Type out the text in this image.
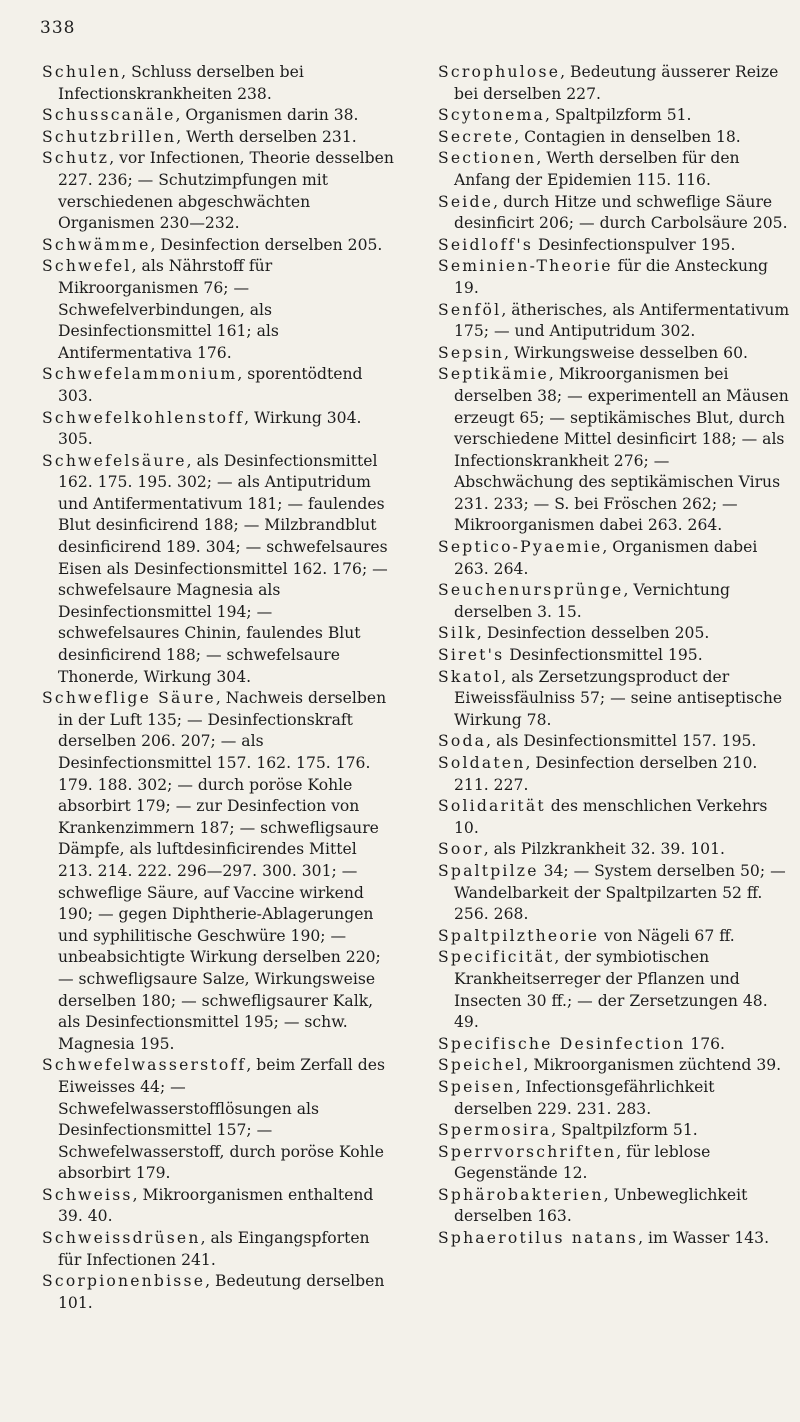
338

Schulen, Schluss derselben bei Infectionskrankheiten 238.

Schusscanäle, Organismen darin 38.

Schutzbrillen, Werth derselben 231.

Schutz, vor Infectionen, Theorie desselben 227. 236; — Schutzimpfungen mit verschiedenen abgeschwächten Organismen 230—232.

Schwämme, Desinfection derselben 205.

Schwefel, als Nährstoff für Mikroorganismen 76; — Schwefelverbindungen, als Desinfectionsmittel 161; als Antifermentativa 176.

Schwefelammonium, sporentödtend 303.

Schwefelkohlenstoff, Wirkung 304. 305.

Schwefelsäure, als Desinfectionsmittel 162. 175. 195. 302; — als Antiputridum und Antifermentativum 181; — faulendes Blut desinficirend 188; — Milzbrandblut desinficirend 189. 304; — schwefelsaures Eisen als Desinfectionsmittel 162. 176; — schwefelsaure Magnesia als Desinfectionsmittel 194; — schwefelsaures Chinin, faulendes Blut desinficirend 188; — schwefelsaure Thonerde, Wirkung 304.

Schweflige Säure, Nachweis derselben in der Luft 135; — Desinfectionskraft derselben 206. 207; — als Desinfectionsmittel 157. 162. 175. 176. 179. 188. 302; — durch poröse Kohle absorbirt 179; — zur Desinfection von Krankenzimmern 187; — schwefligsaure Dämpfe, als luftdesinficirendes Mittel 213. 214. 222. 296—297. 300. 301; — schweflige Säure, auf Vaccine wirkend 190; — gegen Diphtherie-Ablagerungen und syphilitische Geschwüre 190; — unbeabsichtigte Wirkung derselben 220; — schwefligsaure Salze, Wirkungsweise derselben 180; — schwefligsaurer Kalk, als Desinfectionsmittel 195; — schw. Magnesia 195.

Schwefelwasserstoff, beim Zerfall des Eiweisses 44; — Schwefelwasserstofflösungen als Desinfectionsmittel 157; — Schwefelwasserstoff, durch poröse Kohle absorbirt 179.

Schweiss, Mikroorganismen enthaltend 39. 40.

Schweissdrüsen, als Eingangspforten für Infectionen 241.

Scorpionenbisse, Bedeutung derselben 101.

Scrophulose, Bedeutung äusserer Reize bei derselben 227.

Scytonema, Spaltpilzform 51.

Secrete, Contagien in denselben 18.

Sectionen, Werth derselben für den Anfang der Epidemien 115. 116.

Seide, durch Hitze und schweflige Säure desinficirt 206; — durch Carbolsäure 205.

Seidloff's Desinfectionspulver 195.

Seminien-Theorie für die Ansteckung 19.

Senföl, ätherisches, als Antifermentativum 175; — und Antiputridum 302.

Sepsin, Wirkungsweise desselben 60.

Septikämie, Mikroorganismen bei derselben 38; — experimentell an Mäusen erzeugt 65; — septikämisches Blut, durch verschiedene Mittel desinficirt 188; — als Infectionskrankheit 276; — Abschwächung des septikämischen Virus 231. 233; — S. bei Fröschen 262; — Mikroorganismen dabei 263. 264.

Septico-Pyaemie, Organismen dabei 263. 264.

Seuchenursprünge, Vernichtung derselben 3. 15.

Silk, Desinfection desselben 205.

Siret's Desinfectionsmittel 195.

Skatol, als Zersetzungsproduct der Eiweissfäulniss 57; — seine antiseptische Wirkung 78.

Soda, als Desinfectionsmittel 157. 195.

Soldaten, Desinfection derselben 210. 211. 227.

Solidarität des menschlichen Verkehrs 10.

Soor, als Pilzkrankheit 32. 39. 101.

Spaltpilze 34; — System derselben 50; — Wandelbarkeit der Spaltpilzarten 52 ff. 256. 268.

Spaltpilztheorie von Nägeli 67 ff.

Specificität, der symbiotischen Krankheitserreger der Pflanzen und Insecten 30 ff.; — der Zersetzungen 48. 49.

Specifische Desinfection 176.

Speichel, Mikroorganismen züchtend 39.

Speisen, Infectionsgefährlichkeit derselben 229. 231. 283.

Spermosira, Spaltpilzform 51.

Sperrvorschriften, für leblose Gegenstände 12.

Sphärobakterien, Unbeweglichkeit derselben 163.

Sphaerotilus natans, im Wasser 143.
